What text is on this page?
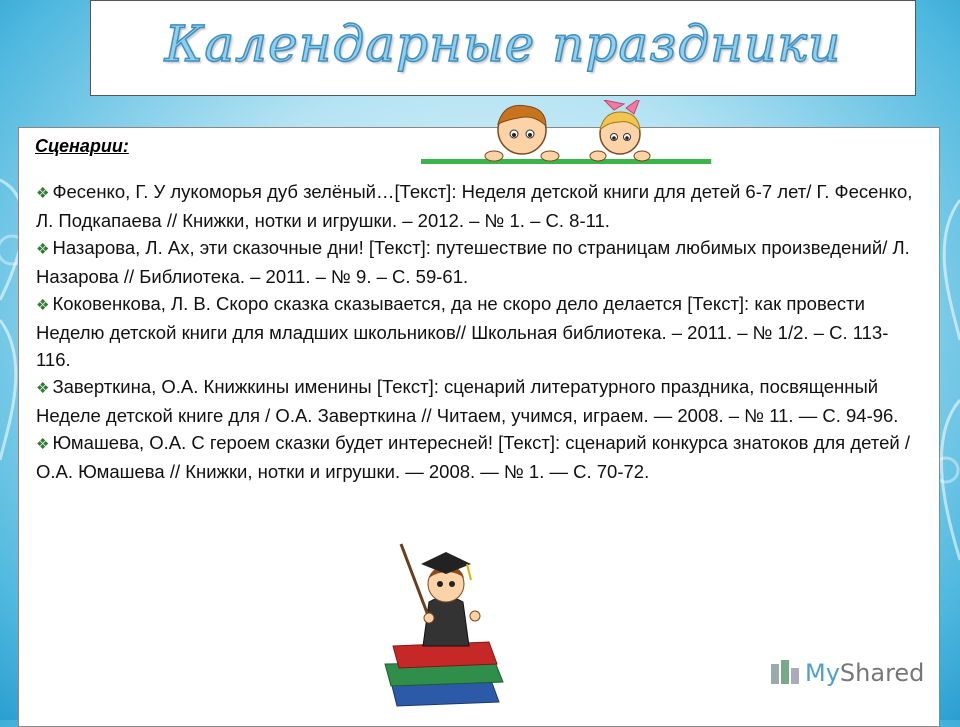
Календарные праздники
Сценарии:

❖ Фесенко, Г. У лукоморья дуб зелёный…[Текст]: Неделя детской книги для детей 6-7 лет/ Г. Фесенко, Л. Подкапаева // Книжки, нотки и игрушки. – 2012. – № 1. – С. 8-11.

❖ Назарова, Л. Ах, эти сказочные дни! [Текст]: путешествие по страницам любимых произведений/ Л. Назарова // Библиотека. – 2011. – № 9. – С. 59-61.

❖ Коковенкова, Л. В. Скоро сказка сказывается, да не скоро дело делается [Текст]: как провести Неделю детской книги для младших школьников// Школьная библиотека. – 2011. – № 1/2. – С. 113-116.

❖ Заверткина, О.А. Книжкины именины [Текст]: сценарий литературного праздника, посвященный Неделе детской книге для / О.А. Заверткина // Читаем, учимся, играем. — 2008. – № 11. — С. 94-96.

❖ Юмашева, О.А. С героем сказки будет интересней! [Текст]: сценарий конкурса знатоков для детей / О.А. Юмашева // Книжки, нотки и игрушки. — 2008. — № 1. — С. 70-72.

MyShared
